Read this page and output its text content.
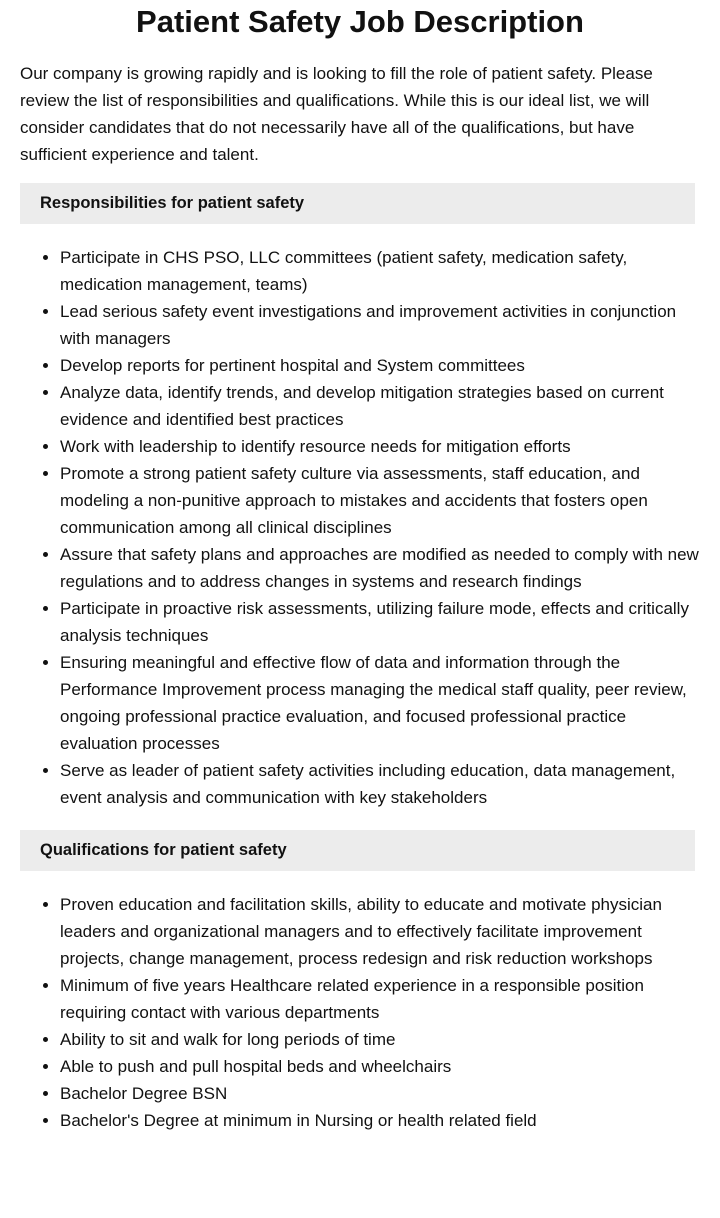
Patient Safety Job Description

Our company is growing rapidly and is looking to fill the role of patient safety. Please review the list of responsibilities and qualifications. While this is our ideal list, we will consider candidates that do not necessarily have all of the qualifications, but have sufficient experience and talent.

Responsibilities for patient safety
• Participate in CHS PSO, LLC committees (patient safety, medication safety, medication management, teams)
• Lead serious safety event investigations and improvement activities in conjunction with managers
• Develop reports for pertinent hospital and System committees
• Analyze data, identify trends, and develop mitigation strategies based on current evidence and identified best practices
• Work with leadership to identify resource needs for mitigation efforts
• Promote a strong patient safety culture via assessments, staff education, and modeling a non-punitive approach to mistakes and accidents that fosters open communication among all clinical disciplines
• Assure that safety plans and approaches are modified as needed to comply with new regulations and to address changes in systems and research findings
• Participate in proactive risk assessments, utilizing failure mode, effects and critically analysis techniques
• Ensuring meaningful and effective flow of data and information through the Performance Improvement process managing the medical staff quality, peer review, ongoing professional practice evaluation, and focused professional practice evaluation processes
• Serve as leader of patient safety activities including education, data management, event analysis and communication with key stakeholders
Qualifications for patient safety
• Proven education and facilitation skills, ability to educate and motivate physician leaders and organizational managers and to effectively facilitate improvement projects, change management, process redesign and risk reduction workshops
• Minimum of five years Healthcare related experience in a responsible position requiring contact with various departments
• Ability to sit and walk for long periods of time
• Able to push and pull hospital beds and wheelchairs
• Bachelor Degree BSN
• Bachelor's Degree at minimum in Nursing or health related field
